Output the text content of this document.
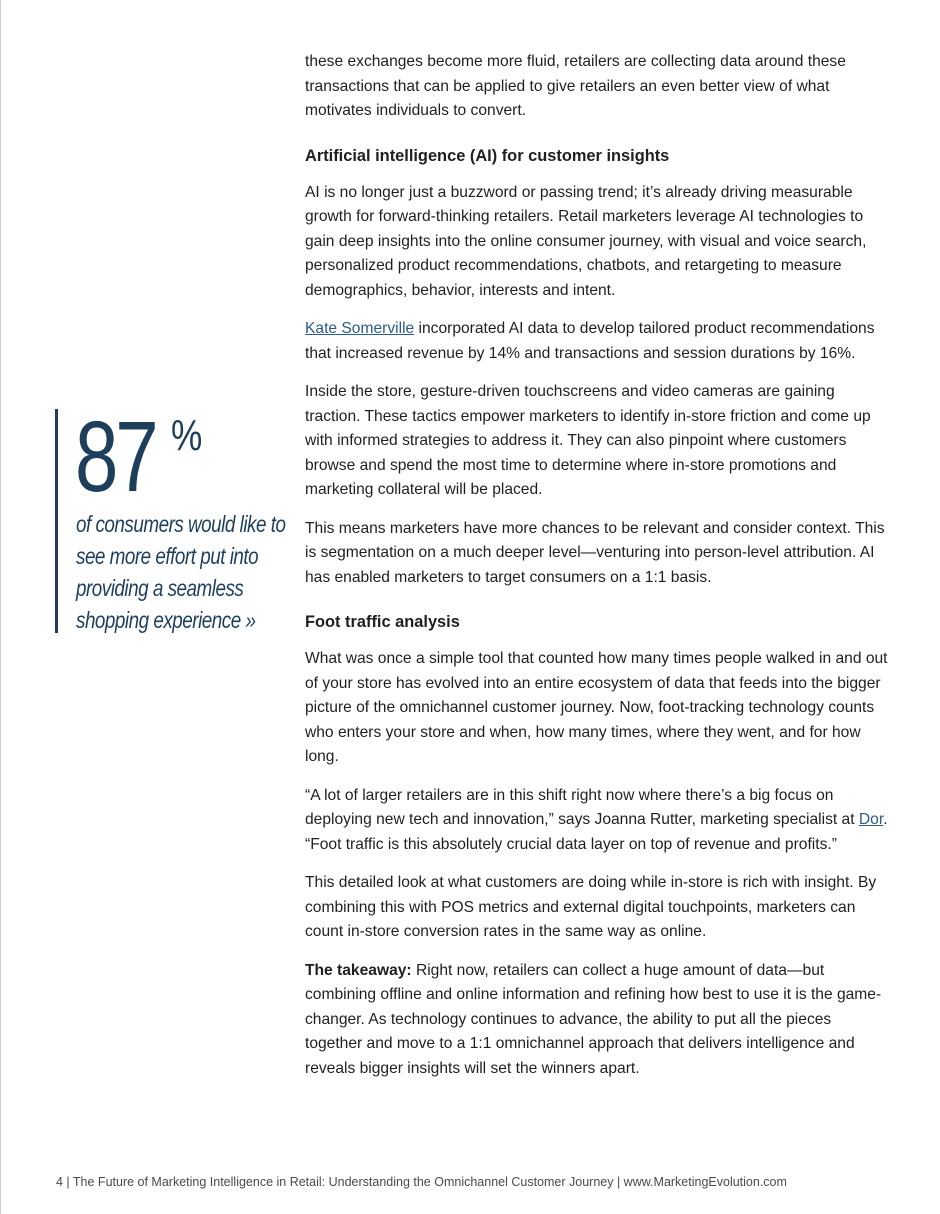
87 %
of consumers would like to see more effort put into providing a seamless shopping experience »

these exchanges become more fluid, retailers are collecting data around these transactions that can be applied to give retailers an even better view of what motivates individuals to convert.

Artificial intelligence (AI) for customer insights

AI is no longer just a buzzword or passing trend; it’s already driving measurable growth for forward-thinking retailers. Retail marketers leverage AI technologies to gain deep insights into the online consumer journey, with visual and voice search, personalized product recommendations, chatbots, and retargeting to measure demographics, behavior, interests and intent.

Kate Somerville incorporated AI data to develop tailored product recommendations that increased revenue by 14% and transactions and session durations by 16%.

Inside the store, gesture-driven touchscreens and video cameras are gaining traction. These tactics empower marketers to identify in-store friction and come up with informed strategies to address it. They can also pinpoint where customers browse and spend the most time to determine where in-store promotions and marketing collateral will be placed.

This means marketers have more chances to be relevant and consider context. This is segmentation on a much deeper level—venturing into person-level attribution. AI has enabled marketers to target consumers on a 1:1 basis.

Foot traffic analysis

What was once a simple tool that counted how many times people walked in and out of your store has evolved into an entire ecosystem of data that feeds into the bigger picture of the omnichannel customer journey. Now, foot-tracking technology counts who enters your store and when, how many times, where they went, and for how long.

“A lot of larger retailers are in this shift right now where there’s a big focus on deploying new tech and innovation,” says Joanna Rutter, marketing specialist at Dor. “Foot traffic is this absolutely crucial data layer on top of revenue and profits.”

This detailed look at what customers are doing while in-store is rich with insight. By combining this with POS metrics and external digital touchpoints, marketers can count in-store conversion rates in the same way as online.

The takeaway: Right now, retailers can collect a huge amount of data—but combining offline and online information and refining how best to use it is the game-changer. As technology continues to advance, the ability to put all the pieces together and move to a 1:1 omnichannel approach that delivers intelligence and reveals bigger insights will set the winners apart.

4 | The Future of Marketing Intelligence in Retail: Understanding the Omnichannel Customer Journey | www.MarketingEvolution.com
